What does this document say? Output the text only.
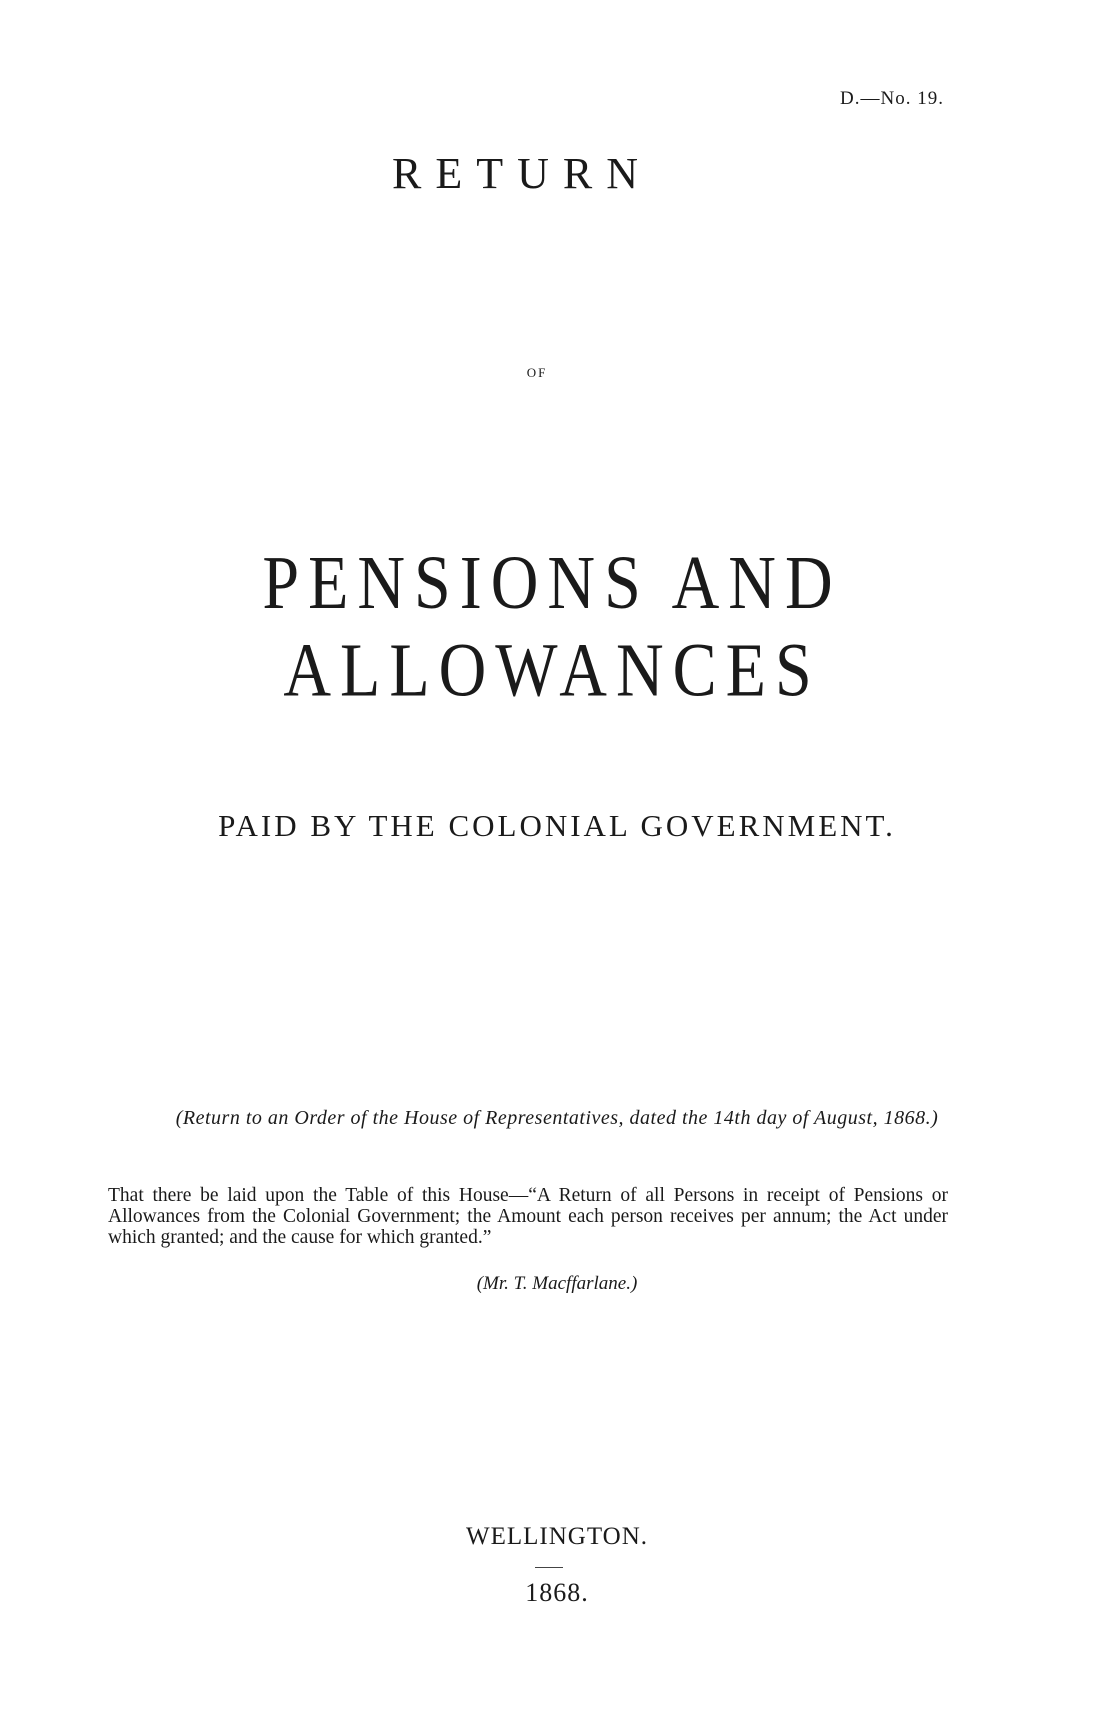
D.—No. 19.
RETURN
OF
PENSIONS AND ALLOWANCES
PAID BY THE COLONIAL GOVERNMENT.
(Return to an Order of the House of Representatives, dated the 14th day of August, 1868.)
That there be laid upon the Table of this House—“A Return of all Persons in receipt of Pensions or Allowances from the Colonial Government; the Amount each person receives per annum; the Act under which granted; and the cause for which granted.”
(Mr. T. Macffarlane.)
WELLINGTON.
1868.
